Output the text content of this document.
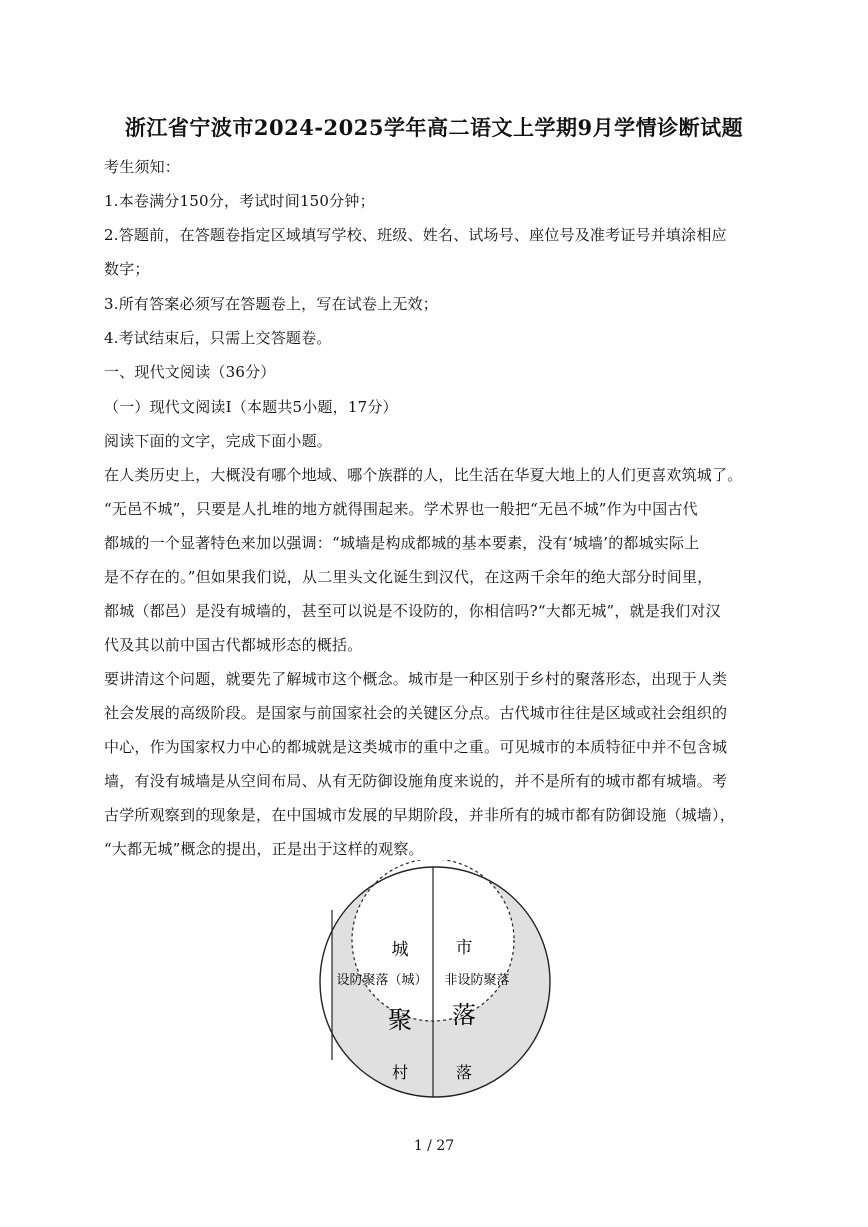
浙江省宁波市2024-2025学年高二语文上学期9月学情诊断试题
考生须知：
1.本卷满分150分，考试时间150分钟；
2.答题前，在答题卷指定区域填写学校、班级、姓名、试场号、座位号及准考证号并填涂相应
数字；
3.所有答案必须写在答题卷上，写在试卷上无效；
4.考试结束后，只需上交答题卷。
一、现代文阅读（36分）
（一）现代文阅读Ⅰ（本题共5小题，17分）
阅读下面的文字，完成下面小题。
在人类历史上，大概没有哪个地域、哪个族群的人，比生活在华夏大地上的人们更喜欢筑城了。
“无邑不城”，只要是人扎堆的地方就得围起来。学术界也一般把“无邑不城”作为中国古代
都城的一个显著特色来加以强调：“城墙是构成都城的基本要素，没有‘城墙’的都城实际上
是不存在的。”但如果我们说，从二里头文化诞生到汉代，在这两千余年的绝大部分时间里，
都城（都邑）是没有城墙的，甚至可以说是不设防的，你相信吗?“大都无城”，就是我们对汉
代及其以前中国古代都城形态的概括。
要讲清这个问题，就要先了解城市这个概念。城市是一种区别于乡村的聚落形态，出现于人类
社会发展的高级阶段。是国家与前国家社会的关键区分点。古代城市往往是区域或社会组织的
中心，作为国家权力中心的都城就是这类城市的重中之重。可见城市的本质特征中并不包含城
墙，有没有城墙是从空间布局、从有无防御设施角度来说的，并不是所有的城市都有城墙。考
古学所观察到的现象是，在中国城市发展的早期阶段，并非所有的城市都有防御设施（城墙），
“大都无城”概念的提出，正是出于这样的观察。
城	市
设防聚落（城） 非设防聚落
聚 落
村	落
1 / 27
